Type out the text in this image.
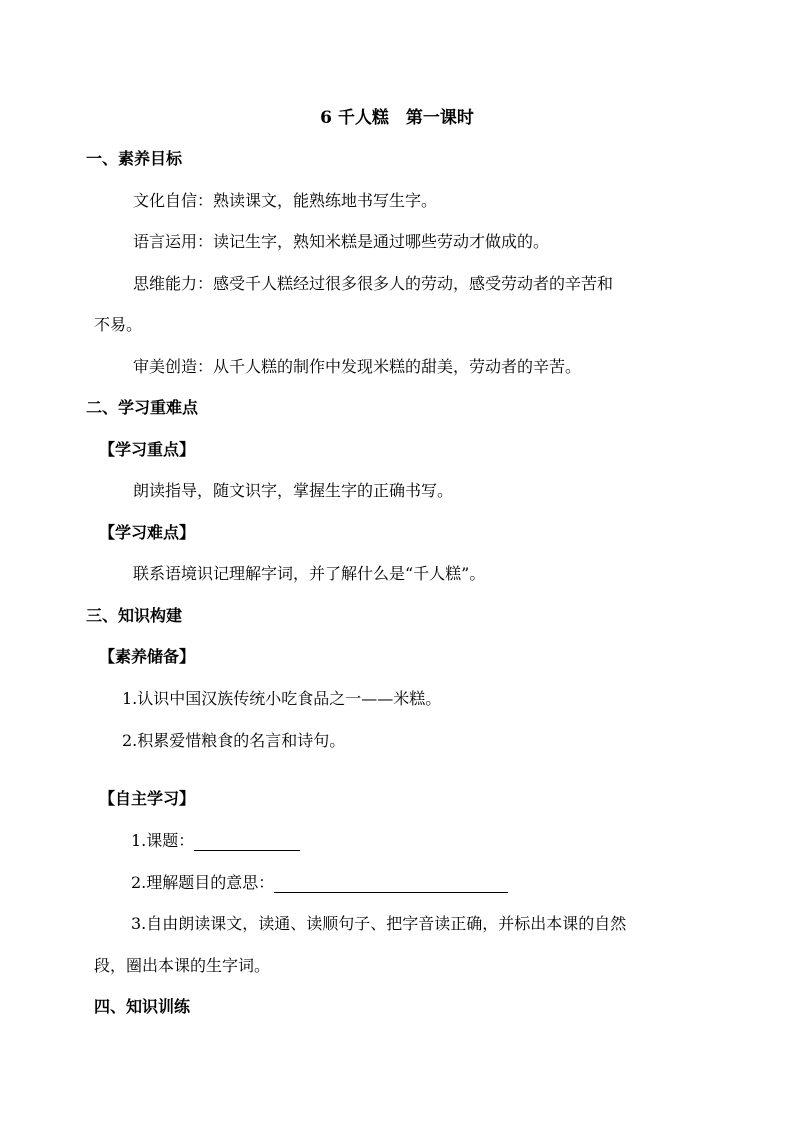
6 千人糕　第一课时
一、素养目标
文化自信：熟读课文，能熟练地书写生字。
语言运用：读记生字，熟知米糕是通过哪些劳动才做成的。
思维能力：感受千人糕经过很多很多人的劳动，感受劳动者的辛苦和
不易。
审美创造：从千人糕的制作中发现米糕的甜美，劳动者的辛苦。
二、学习重难点
【学习重点】
朗读指导，随文识字，掌握生字的正确书写。
【学习难点】
联系语境识记理解字词，并了解什么是“千人糕”。
三、知识构建
【素养储备】
1.认识中国汉族传统小吃食品之一——米糕。
2.积累爱惜粮食的名言和诗句。
【自主学习】
1.课题：
2.理解题目的意思：
3.自由朗读课文，读通、读顺句子、把字音读正确，并标出本课的自然
段，圈出本课的生字词。
四、知识训练
